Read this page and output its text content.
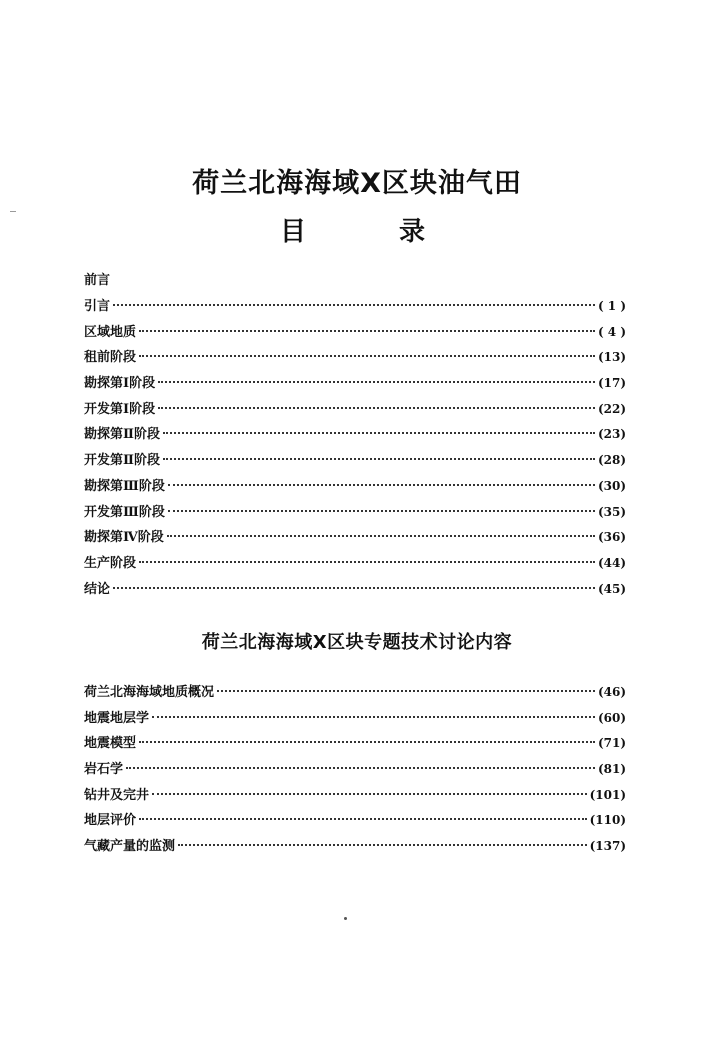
荷兰北海海域X区块油气田
目	录
前言
引言	( 1 )
区域地质	( 4 )
租前阶段	(13)
勘探第Ⅰ阶段	(17)
开发第Ⅰ阶段	(22)
勘探第Ⅱ阶段	(23)
开发第Ⅱ阶段	(28)
勘探第Ⅲ阶段	(30)
开发第Ⅲ阶段	(35)
勘探第Ⅳ阶段	(36)
生产阶段	(44)
结论	(45)
荷兰北海海域X区块专题技术讨论内容
荷兰北海海域地质概况	(46)
地震地层学	(60)
地震模型	(71)
岩石学	(81)
钻井及完井	(101)
地层评价	(110)
气藏产量的监测	(137)
